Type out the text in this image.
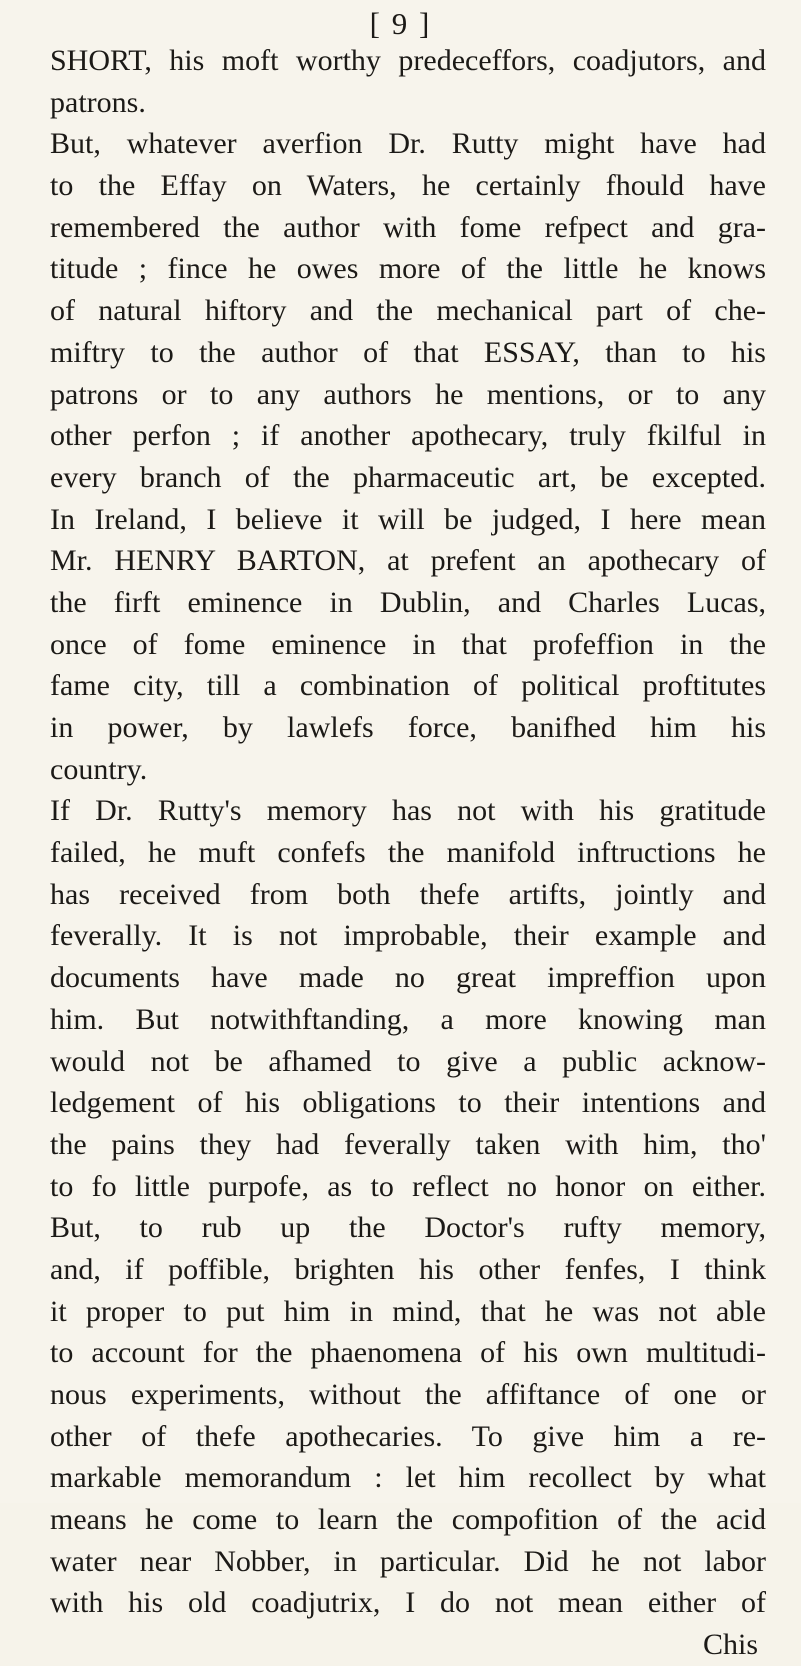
[ 9 ]
SHORT, his moft worthy predeceffors, coadjutors, and
patrons.
But, whatever averfion Dr. Rutty might have had
to the Effay on Waters, he certainly fhould have
remembered the author with fome refpect and gra-
titude ; fince he owes more of the little he knows
of natural hiftory and the mechanical part of che-
miftry to the author of that ESSAY, than to his
patrons or to any authors he mentions, or to any
other perfon ; if another apothecary, truly fkilful in
every branch of the pharmaceutic art, be excepted.
In Ireland, I believe it will be judged, I here mean
Mr. HENRY BARTON, at prefent an apothecary of
the firft eminence in Dublin, and Charles Lucas,
once of fome eminence in that profeffion in the
fame city, till a combination of political proftitutes
in power, by lawlefs force, banifhed him his
country.
If Dr. Rutty's memory has not with his gratitude
failed, he muft confefs the manifold inftructions he
has received from both thefe artifts, jointly and
feverally. It is not improbable, their example and
documents have made no great impreffion upon
him. But notwithftanding, a more knowing man
would not be afhamed to give a public acknow-
ledgement of his obligations to their intentions and
the pains they had feverally taken with him, tho'
to fo little purpofe, as to reflect no honor on either.
But, to rub up the Doctor's rufty memory,
and, if poffible, brighten his other fenfes, I think
it proper to put him in mind, that he was not able
to account for the phaenomena of his own multitudi-
nous experiments, without the affiftance of one or
other of thefe apothecaries. To give him a re-
markable memorandum : let him recollect by what
means he come to learn the compofition of the acid
water near Nobber, in particular. Did he not labor
with his old coadjutrix, I do not mean either of
Chis
